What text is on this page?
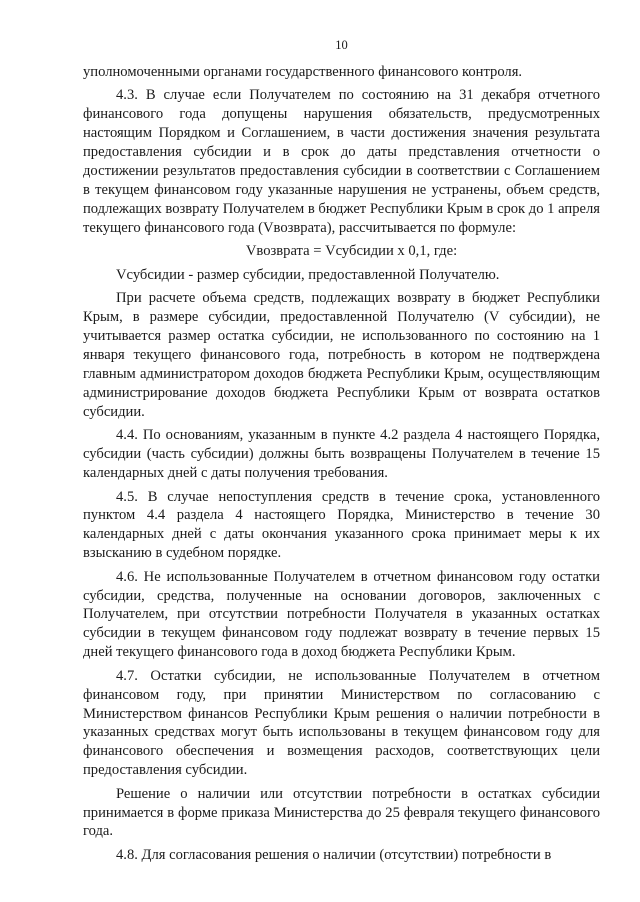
10

уполномоченными органами государственного финансового контроля.

4.3. В случае если Получателем по состоянию на 31 декабря отчетного финансового года допущены нарушения обязательств, предусмотренных настоящим Порядком и Соглашением, в части достижения значения результата предоставления субсидии и в срок до даты представления отчетности о достижении результатов предоставления субсидии в соответствии с Соглашением в текущем финансовом году указанные нарушения не устранены, объем средств, подлежащих возврату Получателем в бюджет Республики Крым в срок до 1 апреля текущего финансового года (Vвозврата), рассчитывается по формуле:

Vвозврата = Vсубсидии x 0,1, где:

Vсубсидии - размер субсидии, предоставленной Получателю.

При расчете объема средств, подлежащих возврату в бюджет Республики Крым, в размере субсидии, предоставленной Получателю (V субсидии), не учитывается размер остатка субсидии, не использованного по состоянию на 1 января текущего финансового года, потребность в котором не подтверждена главным администратором доходов бюджета Республики Крым, осуществляющим администрирование доходов бюджета Республики Крым от возврата остатков субсидии.

4.4. По основаниям, указанным в пункте 4.2 раздела 4 настоящего Порядка, субсидии (часть субсидии) должны быть возвращены Получателем в течение 15 календарных дней с даты получения требования.

4.5. В случае непоступления средств в течение срока, установленного пунктом 4.4 раздела 4 настоящего Порядка, Министерство в течение 30 календарных дней с даты окончания указанного срока принимает меры к их взысканию в судебном порядке.

4.6. Не использованные Получателем в отчетном финансовом году остатки субсидии, средства, полученные на основании договоров, заключенных с Получателем, при отсутствии потребности Получателя в указанных остатках субсидии в текущем финансовом году подлежат возврату в течение первых 15 дней текущего финансового года в доход бюджета Республики Крым.

4.7. Остатки субсидии, не использованные Получателем в отчетном финансовом году, при принятии Министерством по согласованию с Министерством финансов Республики Крым решения о наличии потребности в указанных средствах могут быть использованы в текущем финансовом году для финансового обеспечения и возмещения расходов, соответствующих цели предоставления субсидии.

Решение о наличии или отсутствии потребности в остатках субсидии принимается в форме приказа Министерства до 25 февраля текущего финансового года.

4.8. Для согласования решения о наличии (отсутствии) потребности в
